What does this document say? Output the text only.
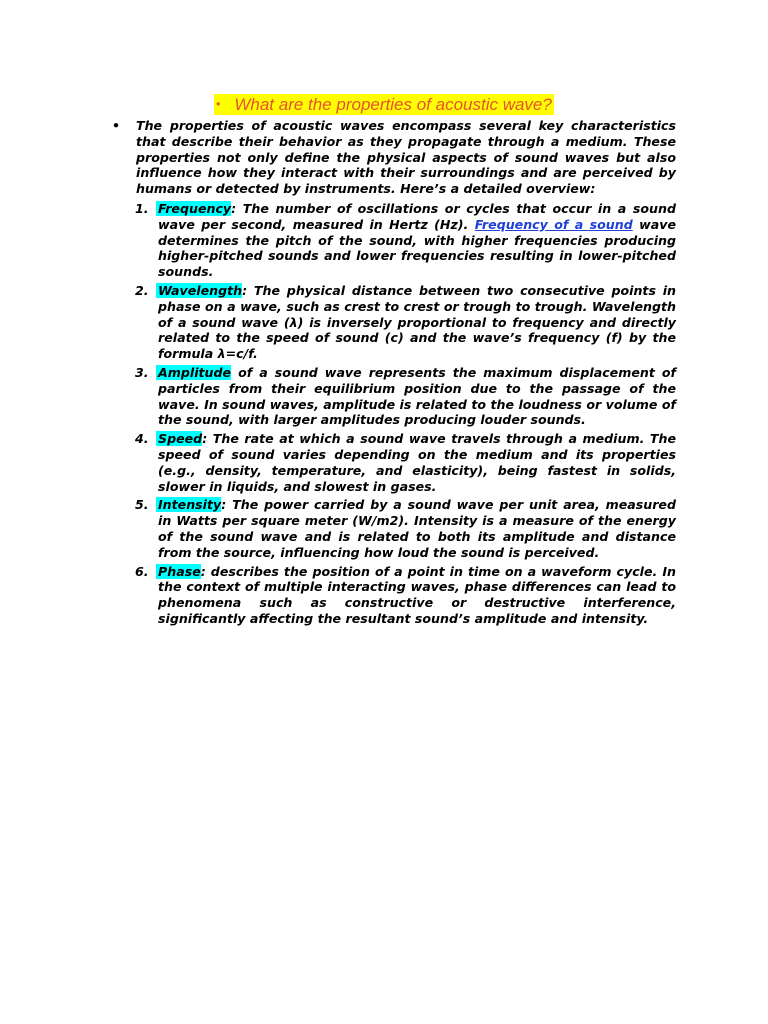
• What are the properties of acoustic wave?

• The properties of acoustic waves encompass several key characteristics that describe their behavior as they propagate through a medium. These properties not only define the physical aspects of sound waves but also influence how they interact with their surroundings and are perceived by humans or detected by instruments. Here’s a detailed overview:

1. Frequency: The number of oscillations or cycles that occur in a sound wave per second, measured in Hertz (Hz). Frequency of a sound wave determines the pitch of the sound, with higher frequencies producing higher-pitched sounds and lower frequencies resulting in lower-pitched sounds.
2. Wavelength: The physical distance between two consecutive points in phase on a wave, such as crest to crest or trough to trough. Wavelength of a sound wave (λ) is inversely proportional to frequency and directly related to the speed of sound (c) and the wave’s frequency (f) by the formula λ=c/f.
3. Amplitude of a sound wave represents the maximum displacement of particles from their equilibrium position due to the passage of the wave. In sound waves, amplitude is related to the loudness or volume of the sound, with larger amplitudes producing louder sounds.
4. Speed: The rate at which a sound wave travels through a medium. The speed of sound varies depending on the medium and its properties (e.g., density, temperature, and elasticity), being fastest in solids, slower in liquids, and slowest in gases.
5. Intensity: The power carried by a sound wave per unit area, measured in Watts per square meter (W/m2). Intensity is a measure of the energy of the sound wave and is related to both its amplitude and distance from the source, influencing how loud the sound is perceived.
6. Phase: describes the position of a point in time on a waveform cycle. In the context of multiple interacting waves, phase differences can lead to phenomena such as constructive or destructive interference, significantly affecting the resultant sound’s amplitude and intensity.
